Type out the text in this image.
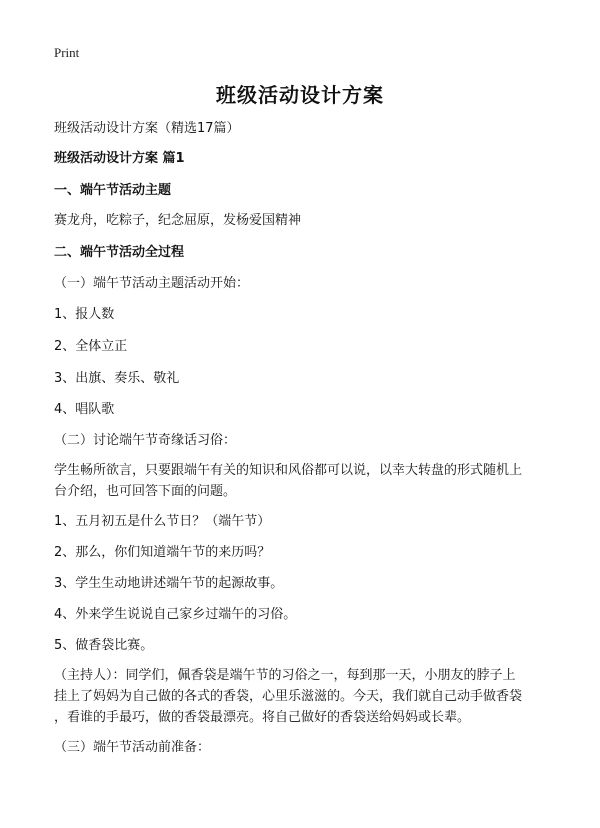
Print
班级活动设计方案
班级活动设计方案（精选17篇）
班级活动设计方案 篇1
一、端午节活动主题
赛龙舟，吃粽子，纪念屈原，发杨爱国精神
二、端午节活动全过程
（一）端午节活动主题活动开始：
1、报人数
2、全体立正
3、出旗、奏乐、敬礼
4、唱队歌
（二）讨论端午节奇缘话习俗：
学生畅所欲言，只要跟端午有关的知识和风俗都可以说，以幸大转盘的形式随机上
台介绍，也可回答下面的问题。
1、五月初五是什么节日？（端午节）
2、那么，你们知道端午节的来历吗？
3、学生生动地讲述端午节的起源故事。
4、外来学生说说自己家乡过端午的习俗。
5、做香袋比赛。
（主持人）：同学们，佩香袋是端午节的习俗之一，每到那一天，小朋友的脖子上
挂上了妈妈为自己做的各式的香袋，心里乐滋滋的。今天，我们就自己动手做香袋
，看谁的手最巧，做的香袋最漂亮。将自己做好的香袋送给妈妈或长辈。
（三）端午节活动前准备：
